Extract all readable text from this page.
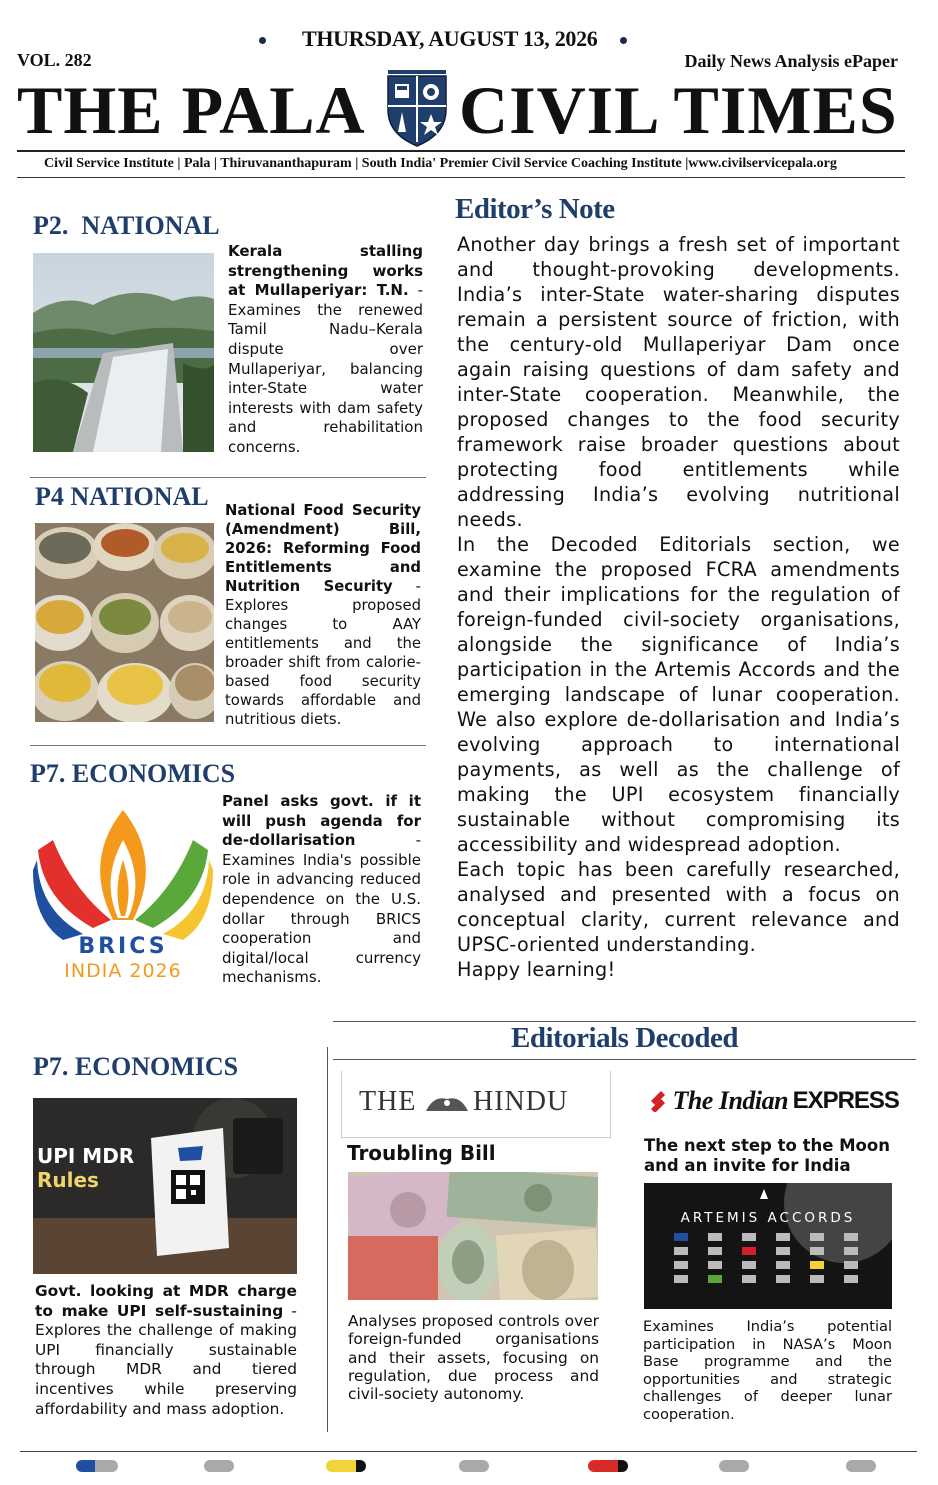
THURSDAY, AUGUST 13, 2026
VOL. 282	Daily News Analysis ePaper
THE PALA CIVIL TIMES
Civil Service Institute | Pala | Thiruvananthapuram | South India' Premier Civil Service Coaching Institute |www.civilservicepala.org
P2.  NATIONAL
Kerala stalling strengthening works at Mullaperiyar: T.N. - Examines the renewed Tamil Nadu–Kerala dispute over Mullaperiyar, balancing inter-State water interests with dam safety and rehabilitation concerns.
P4 NATIONAL National Food Security (Amendment) Bill, 2026: Reforming Food Entitlements and Nutrition Security - Explores proposed changes to AAY entitlements and the broader shift from calorie-based food security towards affordable and nutritious diets.
P7. ECONOMICS
BRICS
INDIA 2026
Panel asks govt. if it will push agenda for de-dollarisation - Examines India's possible role in advancing reduced dependence on the U.S. dollar through BRICS cooperation and digital/local currency mechanisms.
Editor’s Note
Another day brings a fresh set of important and thought-provoking developments. India’s inter-State water-sharing disputes remain a persistent source of friction, with the century-old Mullaperiyar Dam once again raising questions of dam safety and inter-State cooperation. Meanwhile, the proposed changes to the food security framework raise broader questions about protecting food entitlements while addressing India’s evolving nutritional needs.
In the Decoded Editorials section, we examine the proposed FCRA amendments and their implications for the regulation of foreign-funded civil-society organisations, alongside the significance of India’s participation in the Artemis Accords and the emerging landscape of lunar cooperation. We also explore de-dollarisation and India’s evolving approach to international payments, as well as the challenge of making the UPI ecosystem financially sustainable without compromising its accessibility and widespread adoption.
Each topic has been carefully researched, analysed and presented with a focus on conceptual clarity, current relevance and UPSC-oriented understanding.
Happy learning!
Editorials Decoded
P7. ECONOMICS
UPI MDR
Rules
Govt. looking at MDR charge to make UPI self-sustaining - Explores the challenge of making UPI financially sustainable through MDR and tiered incentives while preserving affordability and mass adoption.
THE HINDU
Troubling Bill
Analyses proposed controls over foreign-funded organisations and their assets, focusing on regulation, due process and civil-society autonomy.
The Indian EXPRESS
The next step to the Moon and an invite for India
ARTEMIS ACCORDS
Examines India’s potential participation in NASA’s Moon Base programme and the opportunities and strategic challenges of deeper lunar cooperation.
